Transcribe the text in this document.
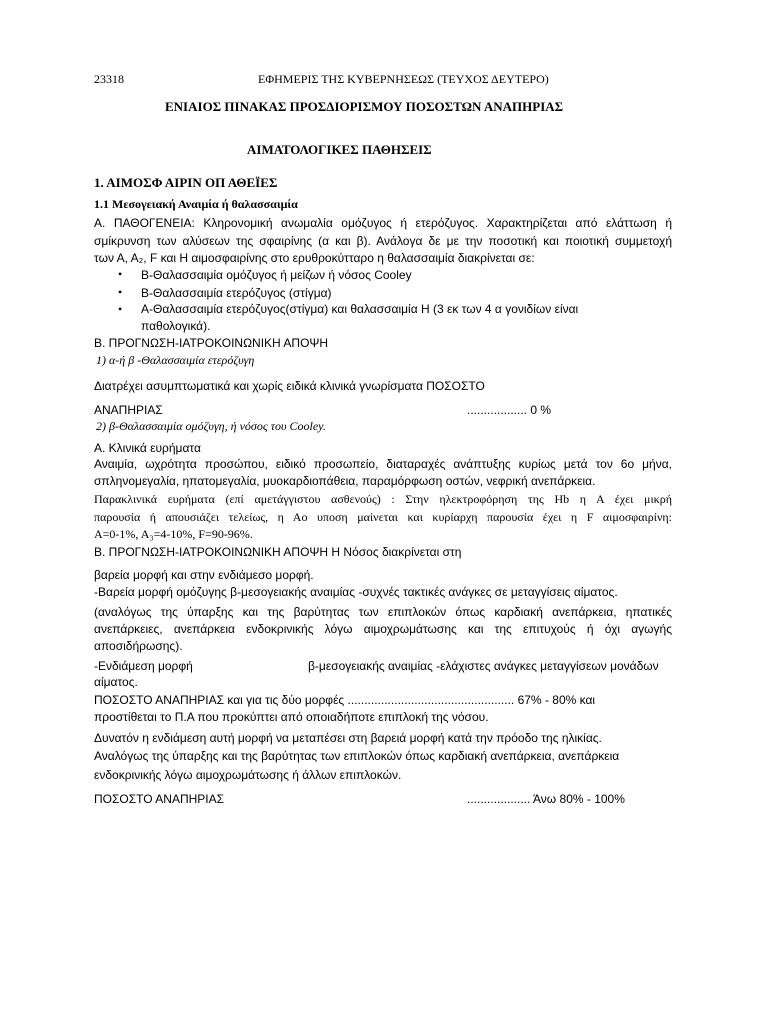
23318	ΕΦΗΜΕΡΙΣ ΤΗΣ ΚΥΒΕΡΝΗΣΕΩΣ (ΤΕΥΧΟΣ ΔΕΥΤΕΡΟ)
ΕΝΙΑΙΟΣ ΠΙΝΑΚΑΣ ΠΡΟΣΔΙΟΡΙΣΜΟΥ ΠΟΣΟΣΤΩΝ ΑΝΑΠΗΡΙΑΣ
ΑΙΜΑΤΟΛΟΓΙΚΕΣ ΠΑΘΗΣΕΙΣ
1. ΑΙΜΟΣΦ ΑΙΡΙΝ ΟΠ ΑΘΕΪΕΣ
1.1 Μεσογειακή Αναιμία ή θαλασσαιμία
Α. ΠΑΘΟΓΕΝΕΙΑ: Κληρονομική ανωμαλία ομόζυγος ή ετερόζυγος. Χαρακτηρίζεται από ελάττωση ή
σμίκρυνση των αλύσεων της σφαιρίνης (α και β). Ανάλογα δε με την ποσοτική και ποιοτική συμμετοχή
των Α, Α₂, F και Η αιμοσφαιρίνης στο ερυθροκύτταρο η θαλασσαιμία διακρίνεται σε:
• Β-Θαλασσαιμία ομόζυγος ή μείζων ή νόσος Cooley
• Β-Θαλασσαιμία ετερόζυγος (στίγμα)
• Α-Θαλασσαιμία ετερόζυγος(στίγμα) και θαλασσαιμία Η (3 εκ των 4 α γονιδίων είναι
παθολογικά).
Β. ΠΡΟΓΝΩΣΗ-ΙΑΤΡΟΚΟΙΝΩΝΙΚΗ ΑΠΟΨΗ
1) α-ή β -Θαλασσαιμία ετερόζυγη
Διατρέχει ασυμπτωματικά και χωρίς ειδικά κλινικά γνωρίσματα ΠΟΣΟΣΤΟ
ΑΝΑΠΗΡΙΑΣ	.................. 0 %
2) β-Θαλασσαιμία ομόζυγη, ή νόσος του Cooley.
Α. Κλινικά ευρήματα
Αναιμία, ωχρότητα προσώπου, ειδικό προσωπείο, διαταραχές ανάπτυξης κυρίως μετά τον 6ο μήνα,
σπληνομεγαλία, ηπατομεγαλία, μυοκαρδιοπάθεια, παραμόρφωση οστών, νεφρική ανεπάρκεια.
Παρακλινικά ευρήματα (επί αμετάγγιστου ασθενούς) : Στην ηλεκτροφόρηση της Hb η Α έχει μικρή
παρουσία ή απουσιάζει τελείως, η Αο υποση μαίνεται και κυρίαρχη παρουσία έχει η F αιμοσφαιρίνη:
Α=0-1%, Α₃=4-10%, F=90-96%.
Β. ΠΡΟΓΝΩΣΗ-ΙΑΤΡΟΚΟΙΝΩΝΙΚΗ ΑΠΟΨΗ Η Νόσος διακρίνεται στη
βαρεία μορφή και στην ενδιάμεσο μορφή.
-Βαρεία μορφή ομόζυγης β-μεσογειακής αναιμίας -συχνές τακτικές ανάγκες σε μεταγγίσεις αίματος.
(αναλόγως της ύπαρξης και της βαρύτητας των επιπλοκών όπως καρδιακή ανεπάρκεια, ηπατικές
ανεπάρκειες, ανεπάρκεια ενδοκρινικής λόγω αιμοχρωμάτωσης και της επιτυχούς ή όχι αγωγής
αποσιδήρωσης).
-Ενδιάμεση μορφή	β-μεσογειακής αναιμίας -ελάχιστες ανάγκες μεταγγίσεων μονάδων
αίματος.
ΠΟΣΟΣΤΟ ΑΝΑΠΗΡΙΑΣ και για τις δύο μορφές .................................................. 67% - 80% και
προστίθεται το Π.Α που προκύπτει από οποιαδήποτε επιπλοκή της νόσου.
Δυνατόν η ενδιάμεση αυτή μορφή να μεταπέσει στη βαρειά μορφή κατά την πρόοδο της ηλικίας.
Αναλόγως της ύπαρξης και της βαρύτητας των επιπλοκών όπως καρδιακή ανεπάρκεια, ανεπάρκεια
ενδοκρινικής λόγω αιμοχρωμάτωσης ή άλλων επιπλοκών.
ΠΟΣΟΣΤΟ ΑΝΑΠΗΡΙΑΣ	................... Άνω 80% - 100%
